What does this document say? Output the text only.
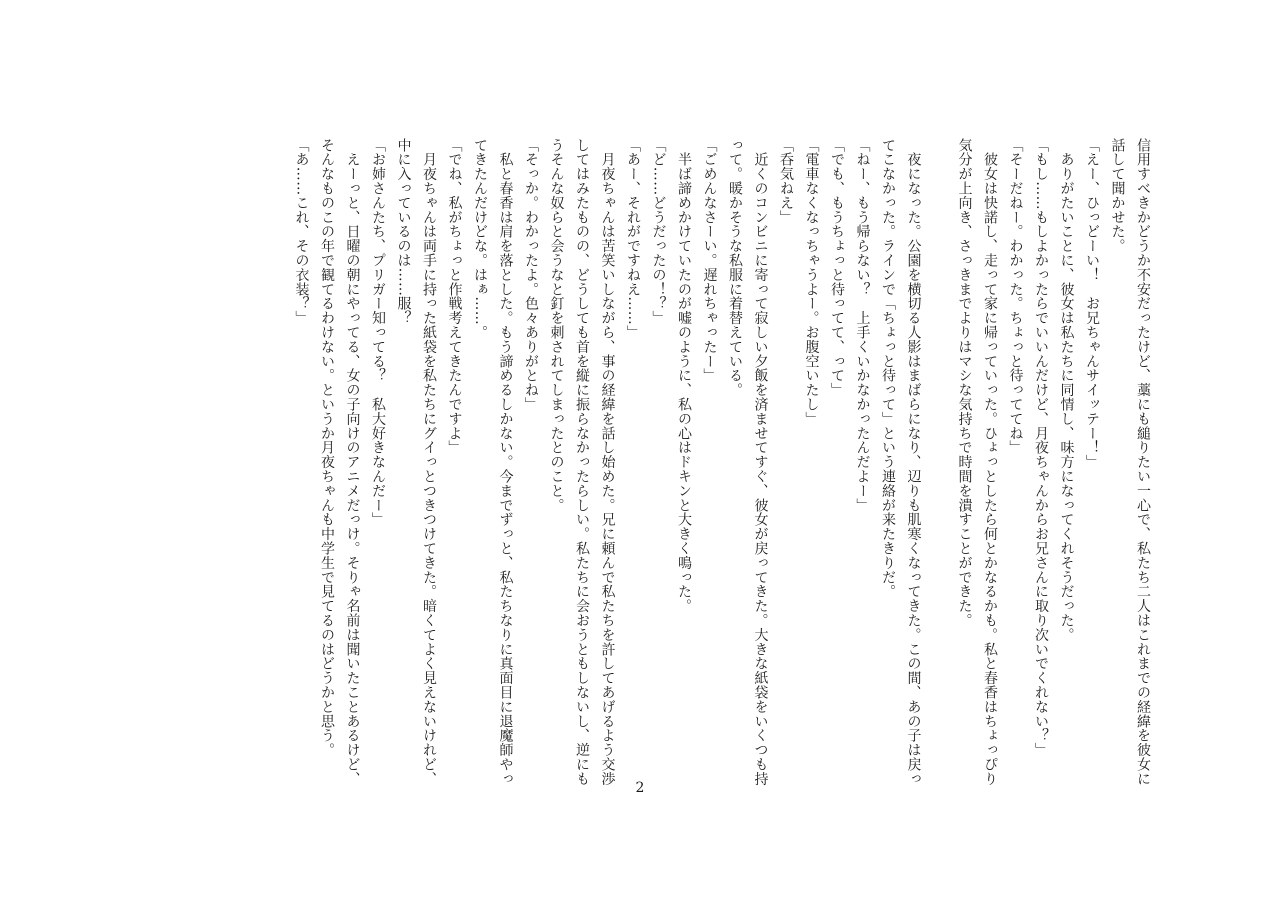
信用すべきかどうか不安だったけど、藁にも縋りたい一心で、私たち二人はこれまでの経緯を彼女に話して聞かせた。

「えー、ひっどーい！　お兄ちゃんサイッテー！」

　ありがたいことに、彼女は私たちに同情し、味方になってくれそうだった。

「もし……もしよかったらでいいんだけど、月夜ちゃんからお兄さんに取り次いでくれない？」

「そーだねー。わかった。ちょっと待っててね」

　彼女は快諾し、走って家に帰っていった。ひょっとしたら何とかなるかも。私と春香はちょっぴり気分が上向き、さっきまでよりはマシな気持ちで時間を潰すことができた。

　夜になった。公園を横切る人影はまばらになり、辺りも肌寒くなってきた。この間、あの子は戻ってこなかった。ラインで「ちょっと待って」という連絡が来たきりだ。

「ねー、もう帰らない？　上手くいかなかったんだよー」

「でも、もうちょっと待ってて、って」

「電車なくなっちゃうよー。お腹空いたし」

「呑気ねえ」

　近くのコンビニに寄って寂しい夕飯を済ませてすぐ、彼女が戻ってきた。大きな紙袋をいくつも持って。暖かそうな私服に着替えている。

「ごめんなさーい。遅れちゃったー」

　半ば諦めかけていたのが嘘のように、私の心はドキンと大きく鳴った。

「ど……どうだったの！？」

「あー、それがですねえ……」

　月夜ちゃんは苦笑いしながら、事の経緯を話し始めた。兄に頼んで私たちを許してあげるよう交渉してはみたものの、どうしても首を縦に振らなかったらしい。私たちに会おうともしないし、逆にもうそんな奴らと会うなと釘を刺されてしまったとのこと。

「そっか。わかったよ。色々ありがとね」

　私と春香は肩を落とした。もう諦めるしかない。今までずっと、私たちなりに真面目に退魔師やってきたんだけどな。はぁ……。

「でね、私がちょっと作戦考えてきたんですよ」

　月夜ちゃんは両手に持った紙袋を私たちにグイっとつきつけてきた。暗くてよく見えないけれど、中に入っているのは……服？

「お姉さんたち、プリガー知ってる？　私大好きなんだー」

　えーっと、日曜の朝にやってる、女の子向けのアニメだっけ。そりゃ名前は聞いたことあるけど、そんなものこの年で観てるわけない。というか月夜ちゃんも中学生で見てるのはどうかと思う。

「あ……これ、その衣装？」

2
